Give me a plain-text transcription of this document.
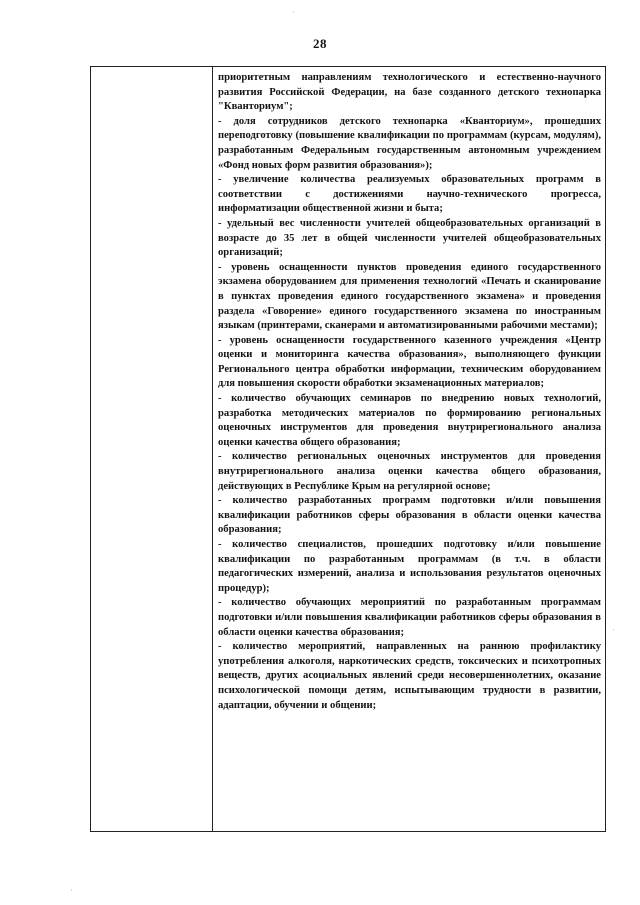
28

приоритетным направлениям технологического и естественно-научного развития Российской Федерации, на базе созданного детского технопарка "Кванториум";

- доля сотрудников детского технопарка «Кванториум», прошедших переподготовку (повышение квалификации по программам (курсам, модулям), разработанным Федеральным государственным автономным учреждением «Фонд новых форм развития образования»);

- увеличение количества реализуемых образовательных программ в соответствии с достижениями научно-технического прогресса, информатизации общественной жизни и быта;

- удельный вес численности учителей общеобразовательных организаций в возрасте до 35 лет в общей численности учителей общеобразовательных организаций;

- уровень оснащенности пунктов проведения единого государственного экзамена оборудованием для применения технологий «Печать и сканирование в пунктах проведения единого государственного экзамена» и проведения раздела «Говорение» единого государственного экзамена по иностранным языкам (принтерами, сканерами и автоматизированными рабочими местами);

- уровень оснащенности государственного казенного учреждения «Центр оценки и мониторинга качества образования», выполняющего функции Регионального центра обработки информации, техническим оборудованием для повышения скорости обработки экзаменационных материалов;

- количество обучающих семинаров по внедрению новых технологий, разработка методических материалов по формированию региональных оценочных инструментов для проведения внутрирегионального анализа оценки качества общего образования;

- количество региональных оценочных инструментов для проведения внутрирегионального анализа оценки качества общего образования, действующих в Республике Крым на регулярной основе;

- количество разработанных программ подготовки и/или повышения квалификации работников сферы образования в области оценки качества образования;

- количество специалистов, прошедших подготовку и/или повышение квалификации по разработанным программам (в т.ч. в области педагогических измерений, анализа и использования результатов оценочных процедур);

- количество обучающих мероприятий по разработанным программам подготовки и/или повышения квалификации работников сферы образования в области оценки качества образования;

- количество мероприятий, направленных на раннюю профилактику употребления алкоголя, наркотических средств, токсических и психотропных веществ, других асоциальных явлений среди несовершеннолетних, оказание психологической помощи детям, испытывающим трудности в развитии, адаптации, обучении и общении;

·
·
·
